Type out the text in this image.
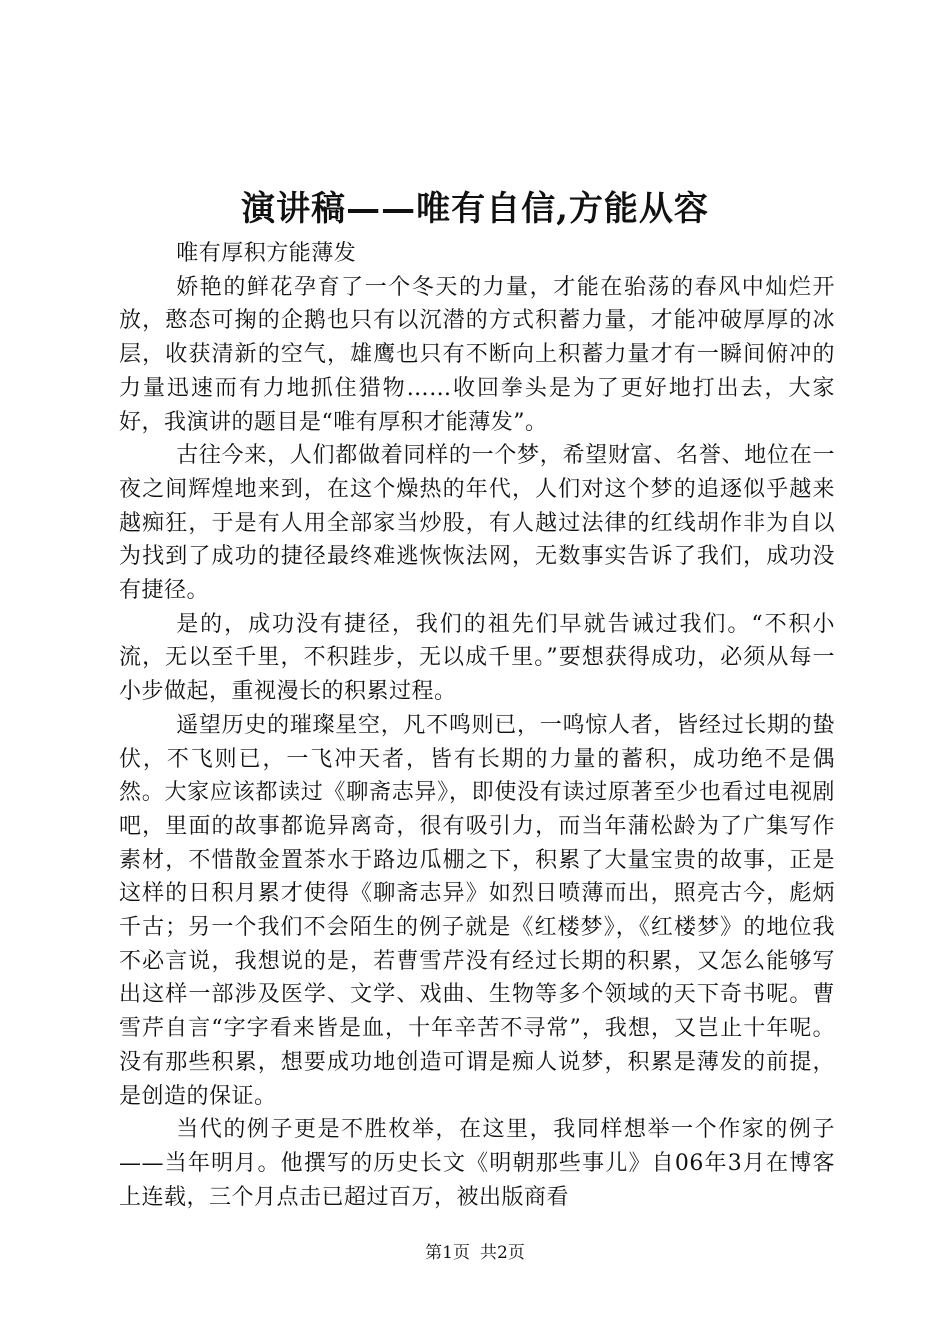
演讲稿——唯有自信,方能从容

唯有厚积方能薄发

娇艳的鲜花孕育了一个冬天的力量，才能在骀荡的春风中灿烂开放，憨态可掬的企鹅也只有以沉潜的方式积蓄力量，才能冲破厚厚的冰层，收获清新的空气，雄鹰也只有不断向上积蓄力量才有一瞬间俯冲的力量迅速而有力地抓住猎物……收回拳头是为了更好地打出去，大家好，我演讲的题目是“唯有厚积才能薄发”。

古往今来，人们都做着同样的一个梦，希望财富、名誉、地位在一夜之间辉煌地来到，在这个燥热的年代，人们对这个梦的追逐似乎越来越痴狂，于是有人用全部家当炒股，有人越过法律的红线胡作非为自以为找到了成功的捷径最终难逃恢恢法网，无数事实告诉了我们，成功没有捷径。

是的，成功没有捷径，我们的祖先们早就告诫过我们。“不积小流，无以至千里，不积跬步，无以成千里。”要想获得成功，必须从每一小步做起，重视漫长的积累过程。

遥望历史的璀璨星空，凡不鸣则已，一鸣惊人者，皆经过长期的蛰伏，不飞则已，一飞冲天者，皆有长期的力量的蓄积，成功绝不是偶然。大家应该都读过《聊斋志异》，即使没有读过原著至少也看过电视剧吧，里面的故事都诡异离奇，很有吸引力，而当年蒲松龄为了广集写作素材，不惜散金置茶水于路边瓜棚之下，积累了大量宝贵的故事，正是这样的日积月累才使得《聊斋志异》如烈日喷薄而出，照亮古今，彪炳千古；另一个我们不会陌生的例子就是《红楼梦》，《红楼梦》的地位我不必言说，我想说的是，若曹雪芹没有经过长期的积累，又怎么能够写出这样一部涉及医学、文学、戏曲、生物等多个领域的天下奇书呢。曹雪芹自言“字字看来皆是血，十年辛苦不寻常”，我想，又岂止十年呢。没有那些积累，想要成功地创造可谓是痴人说梦，积累是薄发的前提，是创造的保证。

当代的例子更是不胜枚举，在这里，我同样想举一个作家的例子——当年明月。他撰写的历史长文《明朝那些事儿》自06年3月在博客上连载，三个月点击已超过百万，被出版商看

第1页 共2页
